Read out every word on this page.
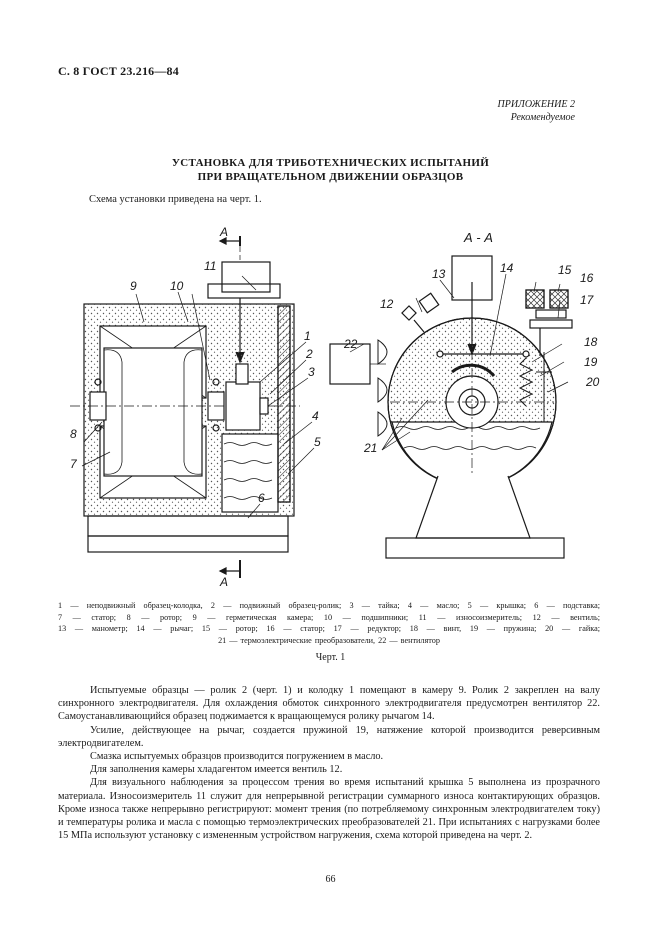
С. 8 ГОСТ 23.216—84
ПРИЛОЖЕНИЕ 2
Рекомендуемое
УСТАНОВКА ДЛЯ ТРИБОТЕХНИЧЕСКИХ ИСПЫТАНИЙ
ПРИ ВРАЩАТЕЛЬНОМ ДВИЖЕНИИ ОБРАЗЦОВ
Схема установки приведена на черт. 1.
А
А
11
9	10
1
2
3
4
5
6
8
7
А - А
12
13	14	15
16
17
18
19
20
21
22
1 — неподвижный образец-колодка, 2 — подвижный образец-ролик; 3 — тайка; 4 — масло; 5 — крышка; 6 — подставка;
7 — статор; 8 — ротор; 9 — герметическая камера; 10 — подшипники; 11 — износоизмеритель; 12 — вентиль;
13 — манометр; 14 — рычаг; 15 — ротор; 16 — статор; 17 — редуктор; 18 — винт, 19 — пружина; 20 — гайка;
21 — термоэлектрические преобразователи, 22 — вентилятор
Черт. 1

Испытуемые образцы — ролик 2 (черт. 1) и колодку 1 помещают в камеру 9. Ролик 2 закреплен на валу синхронного электродвигателя. Для охлаждения обмоток синхронного электродвигателя предусмотрен вентилятор 22. Самоустанавливающийся образец поджимается к вращающемуся ролику рычагом 14.

Усилие, действующее на рычаг, создается пружиной 19, натяжение которой производится реверсивным электродвигателем.

Смазка испытуемых образцов производится погружением в масло.

Для заполнения камеры хладагентом имеется вентиль 12.

Для визуального наблюдения за процессом трения во время испытаний крышка 5 выполнена из прозрачного материала. Износоизмеритель 11 служит для непрерывной регистрации суммарного износа контактирующих образцов. Кроме износа также непрерывно регистрируют: момент трения (по потребляемому синхронным электродвигателем току) и температуры ролика и масла с помощью термоэлектрических преобразователей 21. При испытаниях с нагрузками более 15 МПа используют установку с измененным устройством нагружения, схема которой приведена на черт. 2.

66
